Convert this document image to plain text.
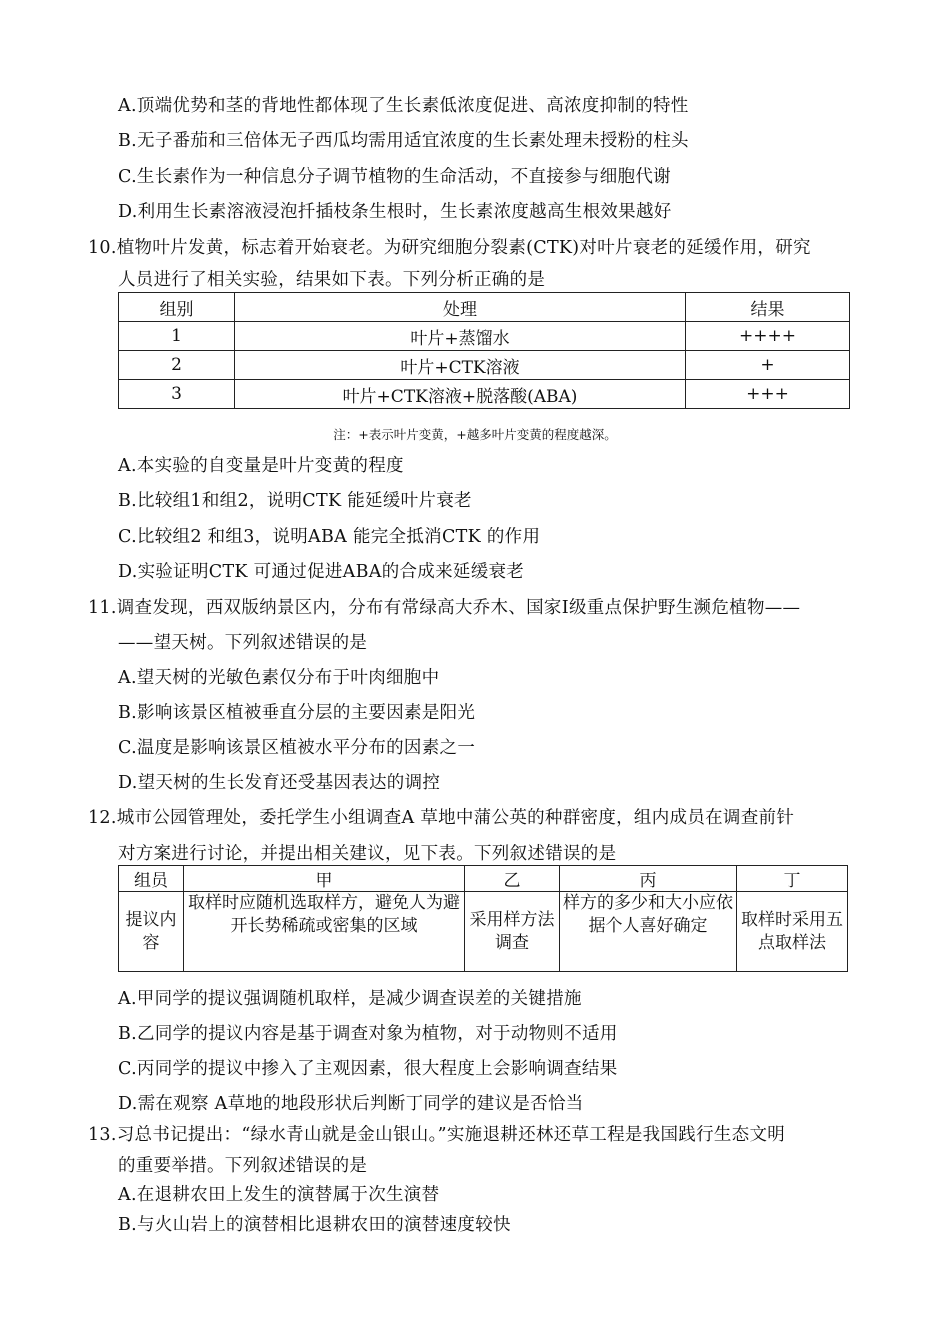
A.顶端优势和茎的背地性都体现了生长素低浓度促进、高浓度抑制的特性
B.无子番茄和三倍体无子西瓜均需用适宜浓度的生长素处理未授粉的柱头
C.生长素作为一种信息分子调节植物的生命活动，不直接参与细胞代谢
D.利用生长素溶液浸泡扦插枝条生根时，生长素浓度越高生根效果越好
10.植物叶片发黄，标志着开始衰老。为研究细胞分裂素(CTK)对叶片衰老的延缓作用，研究
人员进行了相关实验，结果如下表。下列分析正确的是
组别	处理	结果
1	叶片+蒸馏水	++++
2	叶片+CTK溶液	+
3	叶片+CTK溶液+脱落酸(ABA)	+++
注：+表示叶片变黄，+越多叶片变黄的程度越深。
A.本实验的自变量是叶片变黄的程度
B.比较组1和组2，说明CTK 能延缓叶片衰老
C.比较组2 和组3，说明ABA 能完全抵消CTK 的作用
D.实验证明CTK 可通过促进ABA的合成来延缓衰老
11.调查发现，西双版纳景区内，分布有常绿高大乔木、国家Ⅰ级重点保护野生濒危植物——
——望天树。下列叙述错误的是
A.望天树的光敏色素仅分布于叶肉细胞中
B.影响该景区植被垂直分层的主要因素是阳光
C.温度是影响该景区植被水平分布的因素之一
D.望天树的生长发育还受基因表达的调控
12.城市公园管理处，委托学生小组调查A 草地中蒲公英的种群密度，组内成员在调查前针
对方案进行讨论，并提出相关建议，见下表。下列叙述错误的是
组员	甲	乙	丙	丁
提议内容	取样时应随机选取样方，避免人为避开长势稀疏或密集的区域	采用样方法调查	样方的多少和大小应依据个人喜好确定	取样时采用五点取样法
A.甲同学的提议强调随机取样，是减少调查误差的关键措施
B.乙同学的提议内容是基于调查对象为植物，对于动物则不适用
C.丙同学的提议中掺入了主观因素，很大程度上会影响调查结果
D.需在观察 A草地的地段形状后判断丁同学的建议是否恰当
13.习总书记提出：“绿水青山就是金山银山。”实施退耕还林还草工程是我国践行生态文明
的重要举措。下列叙述错误的是
A.在退耕农田上发生的演替属于次生演替
B.与火山岩上的演替相比退耕农田的演替速度较快
